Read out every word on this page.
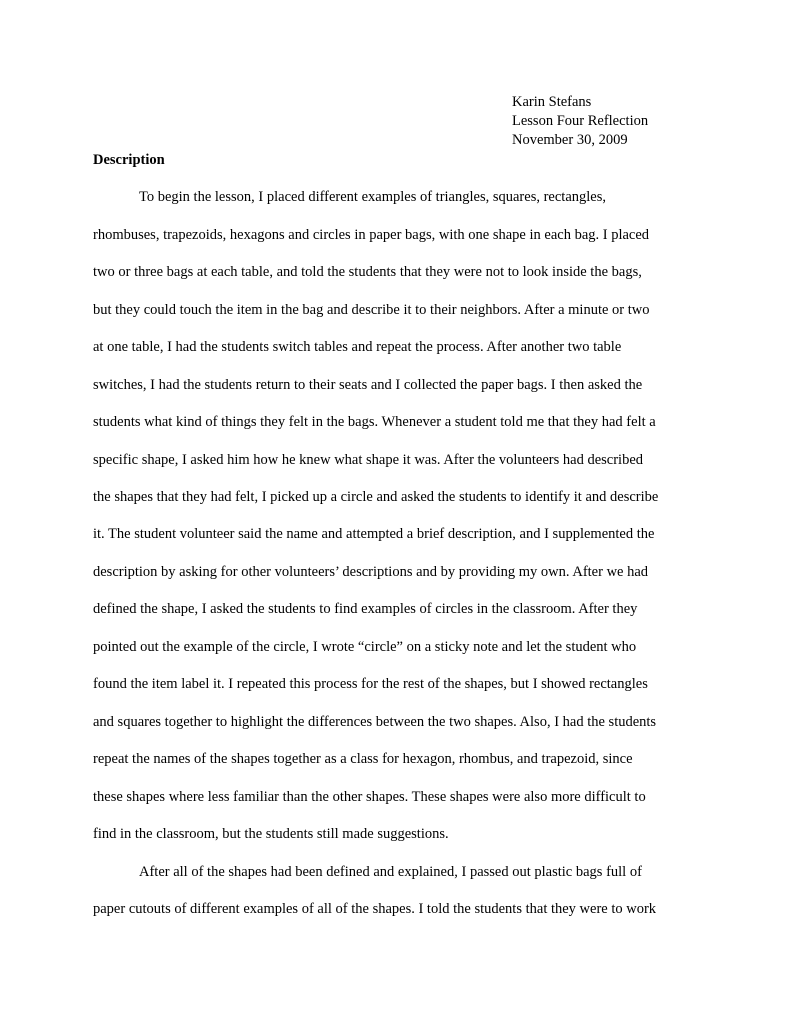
Karin Stefans
Lesson Four Reflection
November 30, 2009
Description
To begin the lesson, I placed different examples of triangles, squares, rectangles,
rhombuses, trapezoids, hexagons and circles in paper bags, with one shape in each bag. I placed
two or three bags at each table, and told the students that they were not to look inside the bags,
but they could touch the item in the bag and describe it to their neighbors. After a minute or two
at one table, I had the students switch tables and repeat the process. After another two table
switches, I had the students return to their seats and I collected the paper bags. I then asked the
students what kind of things they felt in the bags. Whenever a student told me that they had felt a
specific shape, I asked him how he knew what shape it was. After the volunteers had described
the shapes that they had felt, I picked up a circle and asked the students to identify it and describe
it. The student volunteer said the name and attempted a brief description, and I supplemented the
description by asking for other volunteers’ descriptions and by providing my own. After we had
defined the shape, I asked the students to find examples of circles in the classroom. After they
pointed out the example of the circle, I wrote “circle” on a sticky note and let the student who
found the item label it. I repeated this process for the rest of the shapes, but I showed rectangles
and squares together to highlight the differences between the two shapes. Also, I had the students
repeat the names of the shapes together as a class for hexagon, rhombus, and trapezoid, since
these shapes where less familiar than the other shapes. These shapes were also more difficult to
find in the classroom, but the students still made suggestions.
After all of the shapes had been defined and explained, I passed out plastic bags full of
paper cutouts of different examples of all of the shapes. I told the students that they were to work
